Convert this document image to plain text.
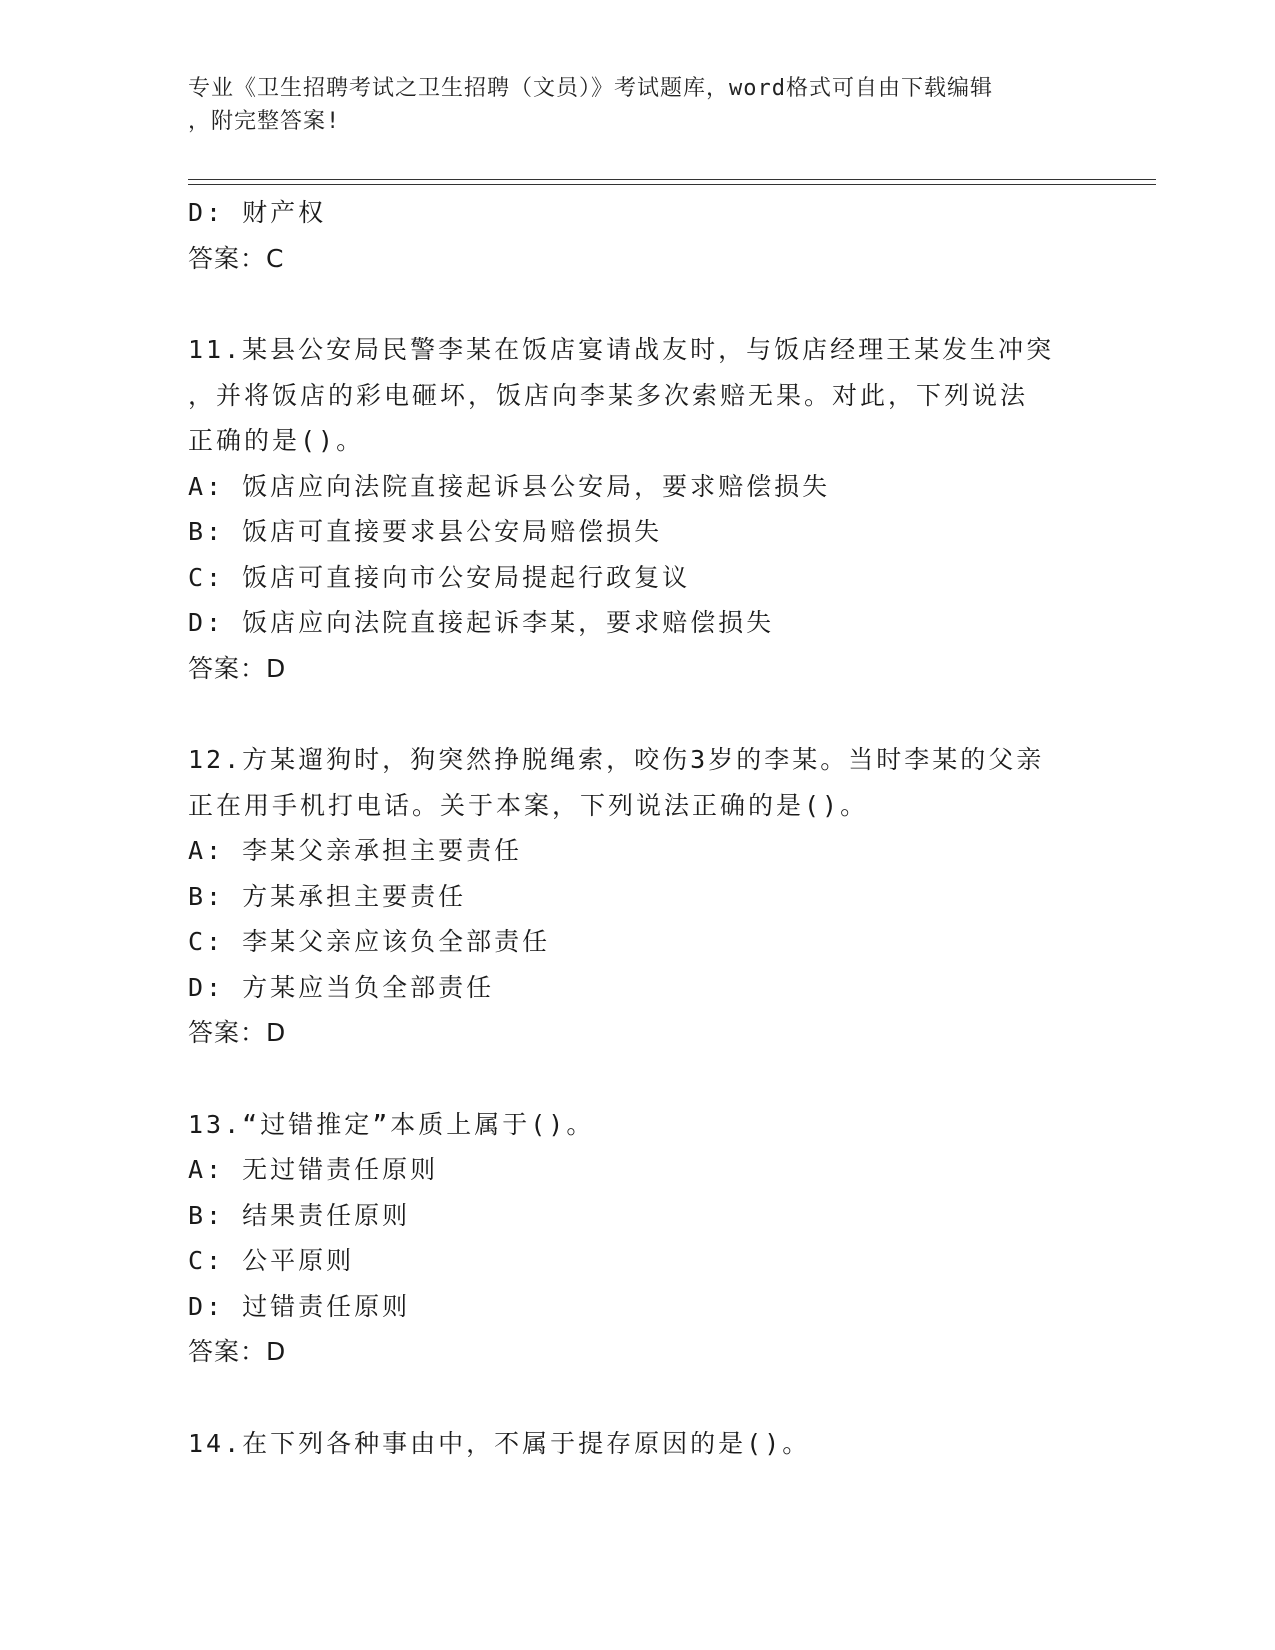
专业《卫生招聘考试之卫生招聘（文员）》考试题库，word格式可自由下载编辑
，附完整答案!

D: 财产权

答案：C

11.某县公安局民警李某在饭店宴请战友时，与饭店经理王某发生冲突

，并将饭店的彩电砸坏，饭店向李某多次索赔无果。对此，下列说法

正确的是()。

A: 饭店应向法院直接起诉县公安局，要求赔偿损失

B: 饭店可直接要求县公安局赔偿损失

C: 饭店可直接向市公安局提起行政复议

D: 饭店应向法院直接起诉李某，要求赔偿损失

答案：D

12.方某遛狗时，狗突然挣脱绳索，咬伤3岁的李某。当时李某的父亲

正在用手机打电话。关于本案，下列说法正确的是()。

A: 李某父亲承担主要责任

B: 方某承担主要责任

C: 李某父亲应该负全部责任

D: 方某应当负全部责任

答案：D

13.“过错推定”本质上属于()。

A: 无过错责任原则

B: 结果责任原则

C: 公平原则

D: 过错责任原则

答案：D

14.在下列各种事由中，不属于提存原因的是()。
